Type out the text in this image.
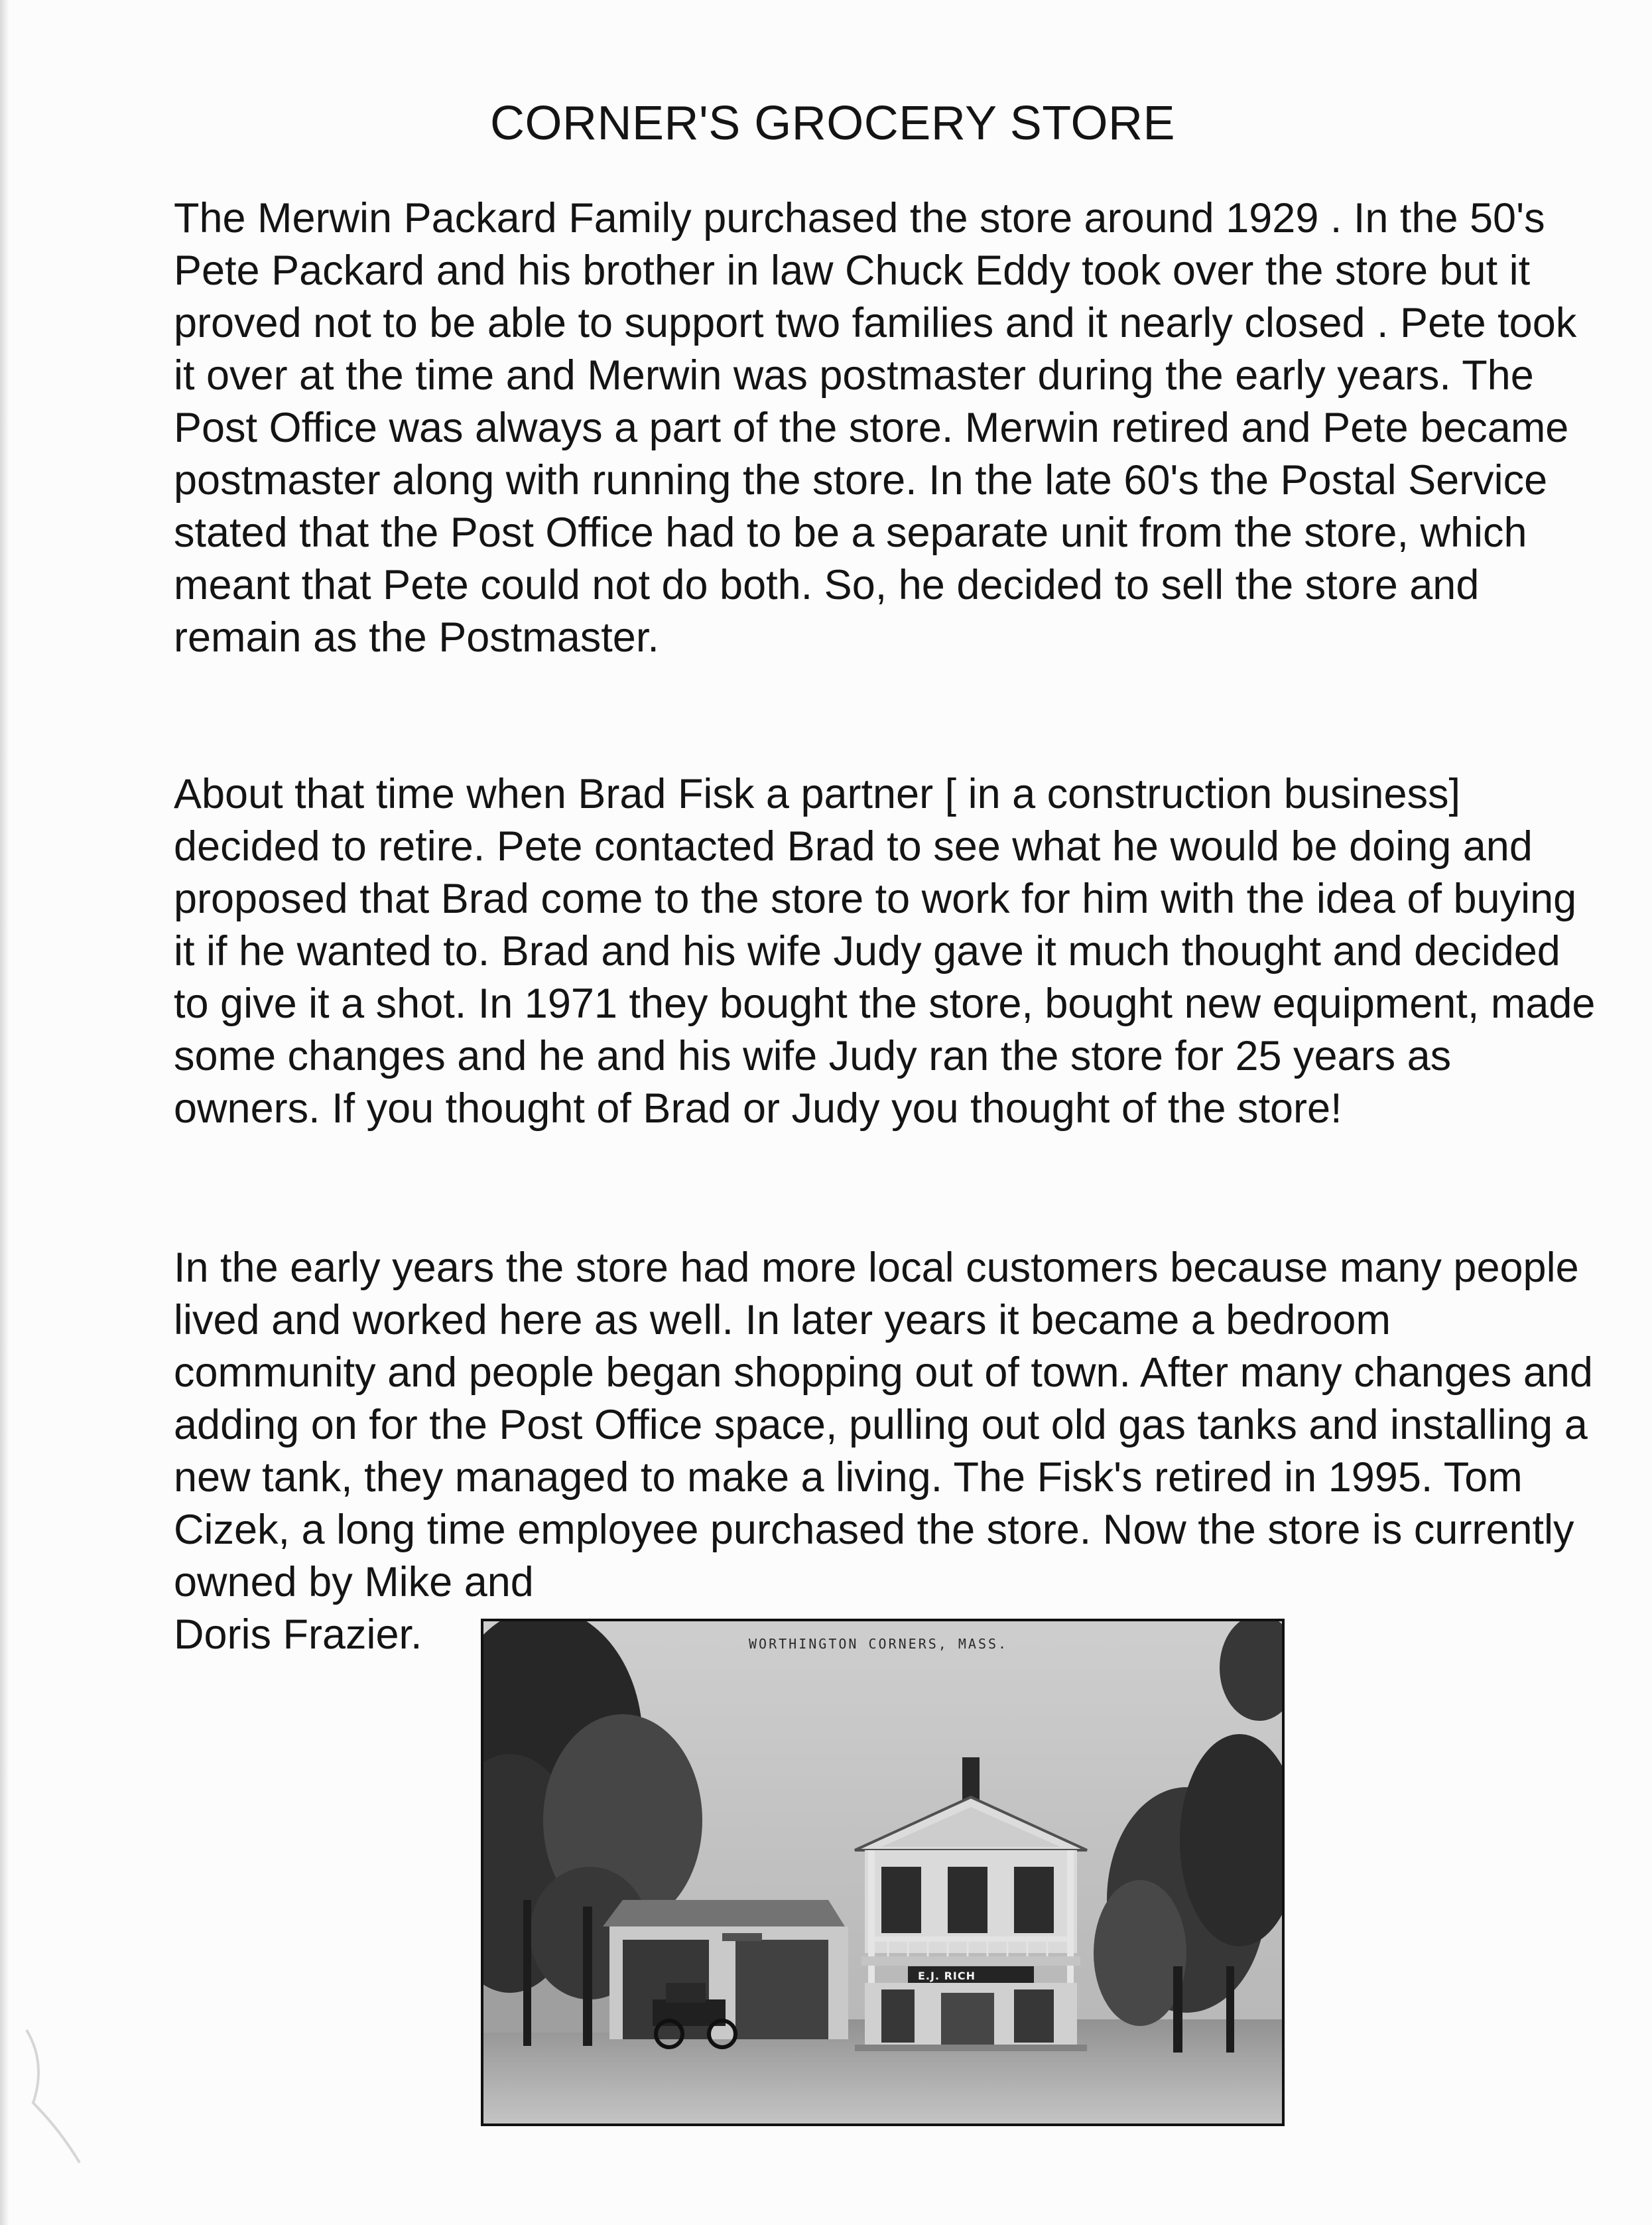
CORNER'S GROCERY STORE

The Merwin Packard Family purchased the store around 1929 . In the 50's Pete Packard and his brother in law Chuck Eddy took over the store but it proved not to be able to support two families and it nearly closed . Pete took it over at the time and Merwin was postmaster during the early years. The Post Office was always a part of the store. Merwin retired and Pete became postmaster along with running the store. In the late 60's the Postal Service stated that the Post Office had to be a separate unit from the store, which meant that Pete could not do both. So, he decided to sell the store and remain as the Postmaster.

About that time when Brad Fisk a partner [ in a construction business] decided to retire. Pete contacted Brad to see what he would be doing and proposed that Brad come to the store to work for him with the idea of buying it if he wanted to. Brad and his wife Judy gave it much thought and decided to give it a shot. In 1971 they bought the store, bought new equipment, made some changes and he and his wife Judy ran the store for 25 years as owners. If you thought of Brad or Judy you thought of the store!

In the early years the store had more local customers because many people lived and worked here as well. In later years it became a bedroom community and people began shopping out of town. After many changes and adding on for the Post Office space, pulling out old gas tanks and installing a new tank, they managed to make a living. The Fisk's retired in 1995. Tom Cizek, a long time employee purchased the store. Now the store is currently owned by Mike and
Doris Frazier.	WORTHINGTON CORNERS, MASS.
E.J. RICH
